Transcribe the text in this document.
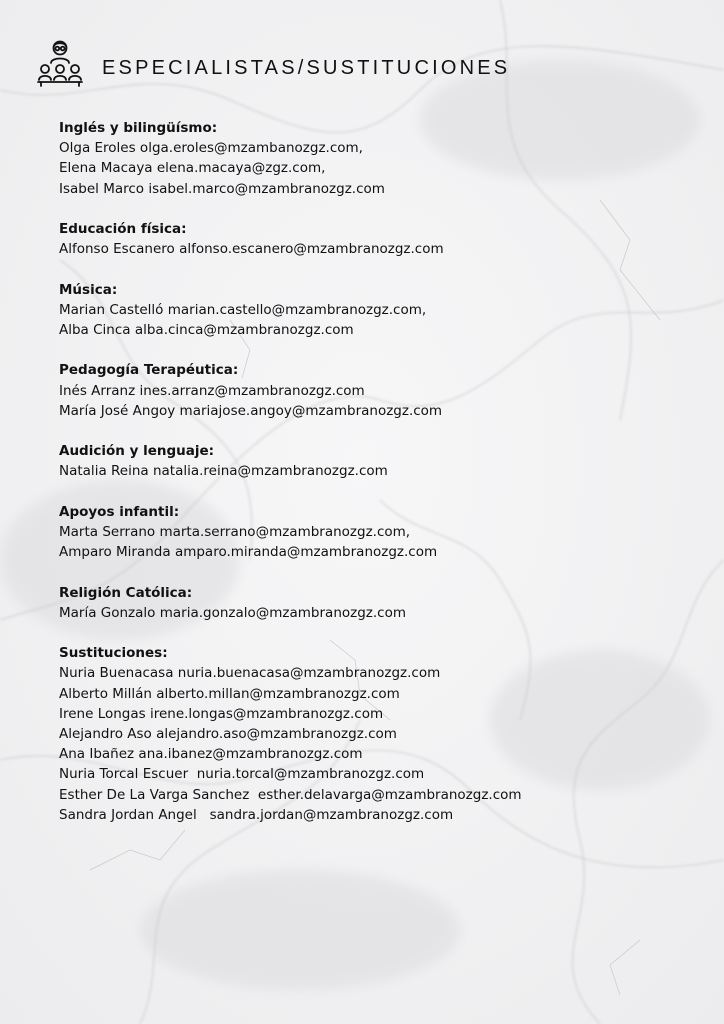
ESPECIALISTAS/SUSTITUCIONES
Inglés y bilingüísmo:
Olga Eroles olga.eroles@mzambanozgz.com,
Elena Macaya elena.macaya@zgz.com,
Isabel Marco isabel.marco@mzambranozgz.com
Educación física:
Alfonso Escanero alfonso.escanero@mzambranozgz.com
Música:
Marian Castelló marian.castello@mzambranozgz.com,
Alba Cinca alba.cinca@mzambranozgz.com
Pedagogía Terapéutica:
Inés Arranz ines.arranz@mzambranozgz.com
María José Angoy mariajose.angoy@mzambranozgz.com
Audición y lenguaje:
Natalia Reina natalia.reina@mzambranozgz.com
Apoyos infantil:
Marta Serrano marta.serrano@mzambranozgz.com,
Amparo Miranda amparo.miranda@mzambranozgz.com
Religión Católica:
María Gonzalo maria.gonzalo@mzambranozgz.com
Sustituciones:
Nuria Buenacasa nuria.buenacasa@mzambranozgz.com
Alberto Millán alberto.millan@mzambranozgz.com
Irene Longas irene.longas@mzambranozgz.com
Alejandro Aso alejandro.aso@mzambranozgz.com
Ana Ibañez ana.ibanez@mzambranozgz.com
Nuria Torcal Escuer  nuria.torcal@mzambranozgz.com
Esther De La Varga Sanchez  esther.delavarga@mzambranozgz.com
Sandra Jordan Angel   sandra.jordan@mzambranozgz.com
